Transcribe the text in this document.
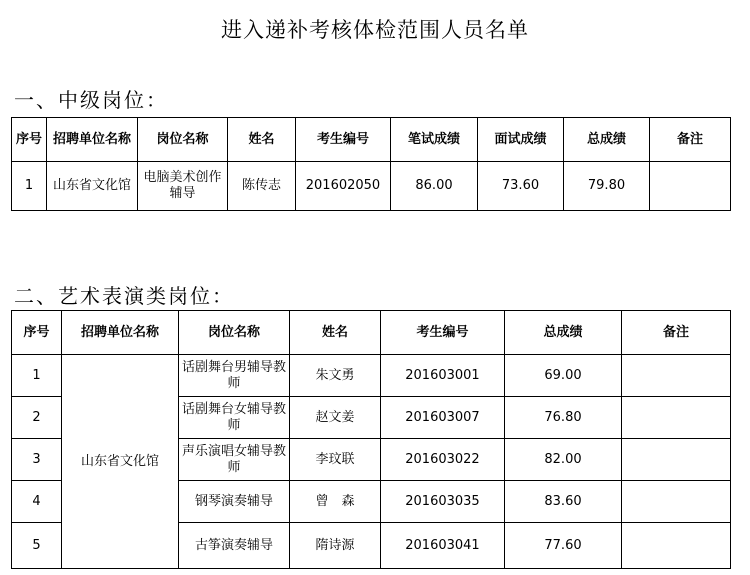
进入递补考核体检范围人员名单
一、中级岗位：
序号	招聘单位名称	岗位名称	姓名	考生编号	笔试成绩	面试成绩	总成绩	备注
1	山东省文化馆	电脑美术创作辅导	陈传志	201602050	86.00	73.60	79.80	
二、艺术表演类岗位：
序号	招聘单位名称	岗位名称	姓名	考生编号	总成绩	备注
1	山东省文化馆	话剧舞台男辅导教师	朱文勇	201603001	69.00	
2		话剧舞台女辅导教师	赵文姜	201603007	76.80	
3		声乐演唱女辅导教师	李玟联	201603022	82.00	
4		钢琴演奏辅导	曾　森	201603035	83.60	
5		古筝演奏辅导	隋诗源	201603041	77.60	
